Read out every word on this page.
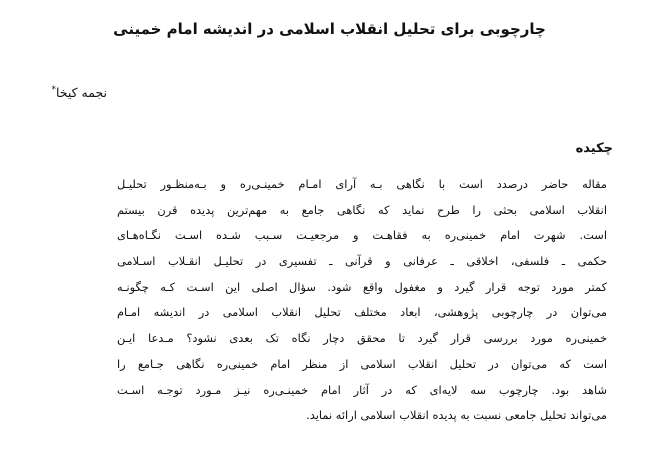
چارچوبی برای تحلیل انقلاب اسلامی در اندیشه امام خمینی
نجمه کیخا*
چکیده
مقاله حاضر درصدد است با نگاهی بـه آرای امـام خمینـی‌ره و بـه‌منظـور تحلیـل
انقلاب اسلامی بحثی را طرح نماید که نگاهی جامع به مهم‌ترین پدیده قرن بیستم
است. شهرت امام خمینی‌ره به فقاهـت و مرجعیـت سـبب شـده اسـت نگـاه‌هـای
حکمی ـ فلسفی، اخلاقی ـ عرفانی و قرآنی ـ تفسیری در تحلیـل انقـلاب اسـلامی
کمتر مورد توجه قرار گیرد و مغفول واقع شود. سؤال اصلی این اسـت کـه چگونـه
می‌توان در چارچوبی پژوهشی، ابعاد مختلف تحلیل انقلاب اسلامی در اندیشه امـام
خمینی‌ره مورد بررسی قرار گیرد تا محقق دچار نگاه تک بعدی نشود؟ مـدعا ایـن
است که می‌توان در تحلیل انقلاب اسلامی از منظر امام خمینی‌ره نگاهی جـامع را
شاهد بود. چارچوب سه لایه‌ای که در آثار امام خمینـی‌ره نیـز مـورد توجـه اسـت
می‌تواند تحلیل جامعی نسبت به پدیده انقلاب اسلامی ارائه نماید.
